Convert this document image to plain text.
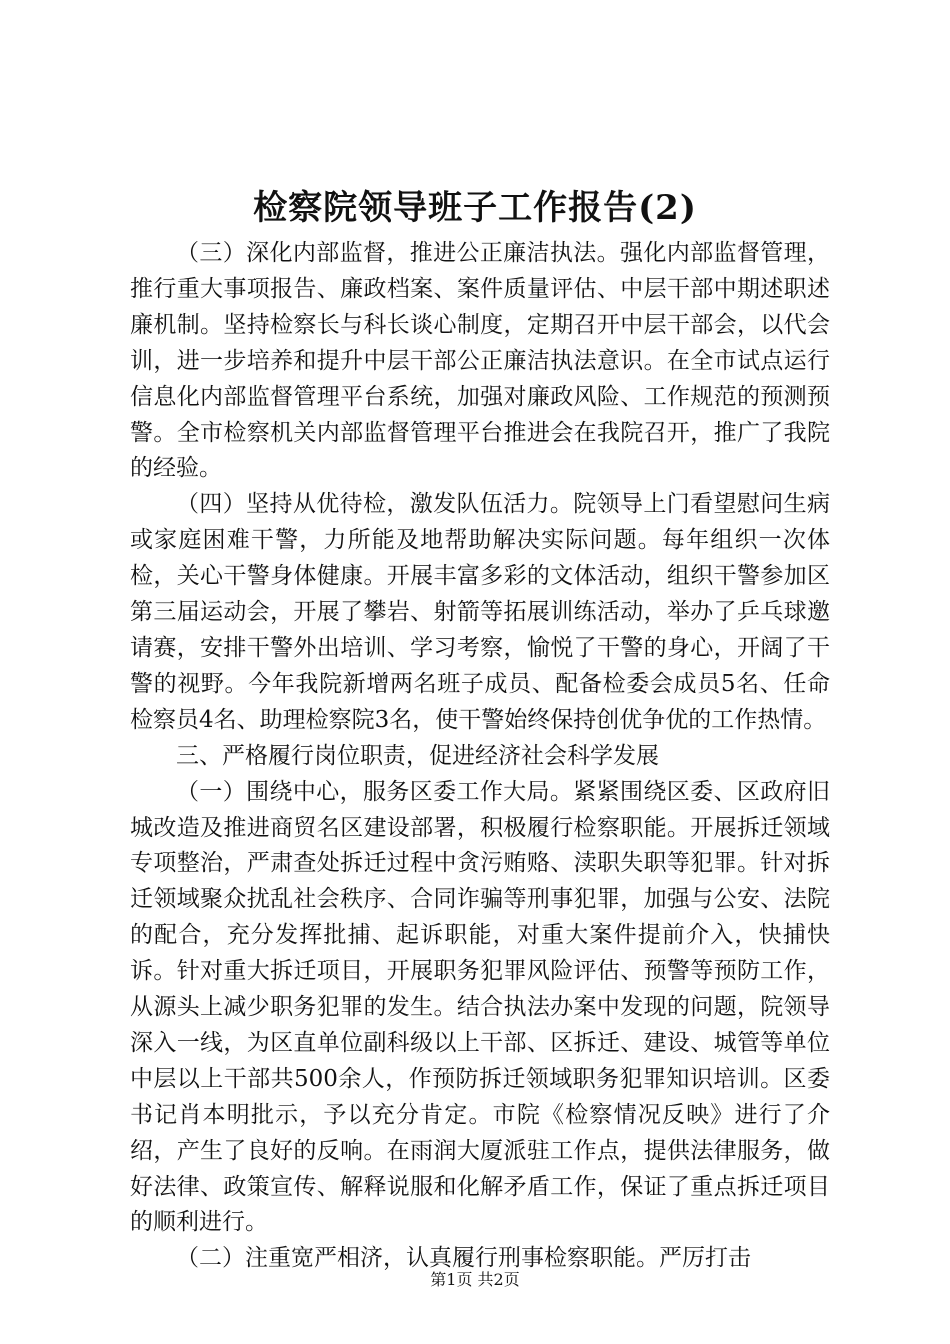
检察院领导班子工作报告(2)

（三）深化内部监督，推进公正廉洁执法。强化内部监督管理，推行重大事项报告、廉政档案、案件质量评估、中层干部中期述职述廉机制。坚持检察长与科长谈心制度，定期召开中层干部会，以代会训，进一步培养和提升中层干部公正廉洁执法意识。在全市试点运行信息化内部监督管理平台系统，加强对廉政风险、工作规范的预测预警。全市检察机关内部监督管理平台推进会在我院召开，推广了我院的经验。

（四）坚持从优待检，激发队伍活力。院领导上门看望慰问生病或家庭困难干警，力所能及地帮助解决实际问题。每年组织一次体检，关心干警身体健康。开展丰富多彩的文体活动，组织干警参加区第三届运动会，开展了攀岩、射箭等拓展训练活动，举办了乒乓球邀请赛，安排干警外出培训、学习考察，愉悦了干警的身心，开阔了干警的视野。今年我院新增两名班子成员、配备检委会成员5名、任命检察员4名、助理检察院3名，使干警始终保持创优争优的工作热情。

三、严格履行岗位职责，促进经济社会科学发展

（一）围绕中心，服务区委工作大局。紧紧围绕区委、区政府旧城改造及推进商贸名区建设部署，积极履行检察职能。开展拆迁领域专项整治，严肃查处拆迁过程中贪污贿赂、渎职失职等犯罪。针对拆迁领域聚众扰乱社会秩序、合同诈骗等刑事犯罪，加强与公安、法院的配合，充分发挥批捕、起诉职能，对重大案件提前介入，快捕快诉。针对重大拆迁项目，开展职务犯罪风险评估、预警等预防工作，从源头上减少职务犯罪的发生。结合执法办案中发现的问题，院领导深入一线，为区直单位副科级以上干部、区拆迁、建设、城管等单位中层以上干部共500余人，作预防拆迁领域职务犯罪知识培训。区委书记肖本明批示，予以充分肯定。市院《检察情况反映》进行了介绍，产生了良好的反响。在雨润大厦派驻工作点，提供法律服务，做好法律、政策宣传、解释说服和化解矛盾工作，保证了重点拆迁项目的顺利进行。

（二）注重宽严相济，认真履行刑事检察职能。严厉打击

第1页 共2页
